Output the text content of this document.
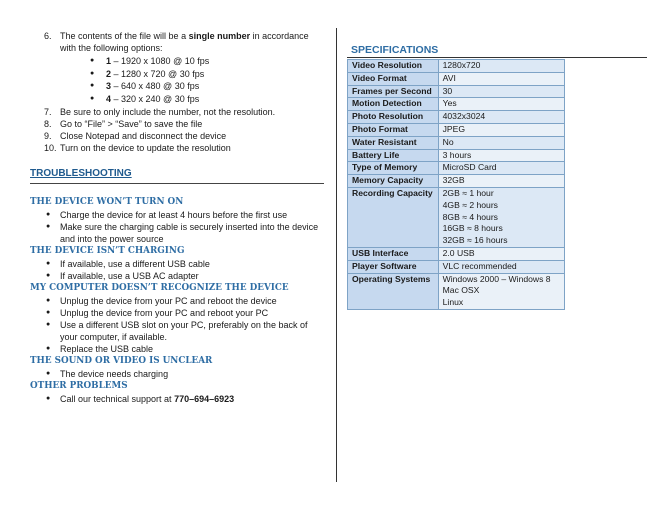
6. The contents of the file will be a single number in accordance with the following options:
● 1 – 1920 x 1080 @ 10 fps
● 2 – 1280 x 720 @ 30 fps
● 3 – 640 x 480 @ 30 fps
● 4 – 320 x 240 @ 30 fps
7. Be sure to only include the number, not the resolution.
8. Go to “File” > “Save” to save the file
9. Close Notepad and disconnect the device
10. Turn on the device to update the resolution
TROUBLESHOOTING
THE DEVICE WON’T TURN ON
● Charge the device for at least 4 hours before the first use
● Make sure the charging cable is securely inserted into the device and into the power source
THE DEVICE ISN’T CHARGING
● If available, use a different USB cable
● If available, use a USB AC adapter
MY COMPUTER DOESN’T RECOGNIZE THE DEVICE
● Unplug the device from your PC and reboot the device
● Unplug the device from your PC and reboot your PC
● Use a different USB slot on your PC, preferably on the back of your computer, if available.
● Replace the USB cable
THE SOUND OR VIDEO IS UNCLEAR
● The device needs charging
OTHER PROBLEMS
● Call our technical support at 770–694–6923
SPECIFICATIONS
Video Resolution	1280x720

Video Format	AVI

Frames per Second	30

Motion Detection	Yes

Photo Resolution	4032x3024

Photo Format	JPEG

Water Resistant	No

Battery Life	3 hours

Type of Memory	MicroSD Card

Memory Capacity	32GB

Recording Capacity	2GB ≈ 1 hour
4GB ≈ 2 hours
8GB ≈ 4 hours
16GB ≈ 8 hours
32GB ≈ 16 hours

USB Interface	2.0 USB

Player Software	VLC recommended

Operating Systems	Windows 2000 – Windows 8
Mac OSX
Linux
